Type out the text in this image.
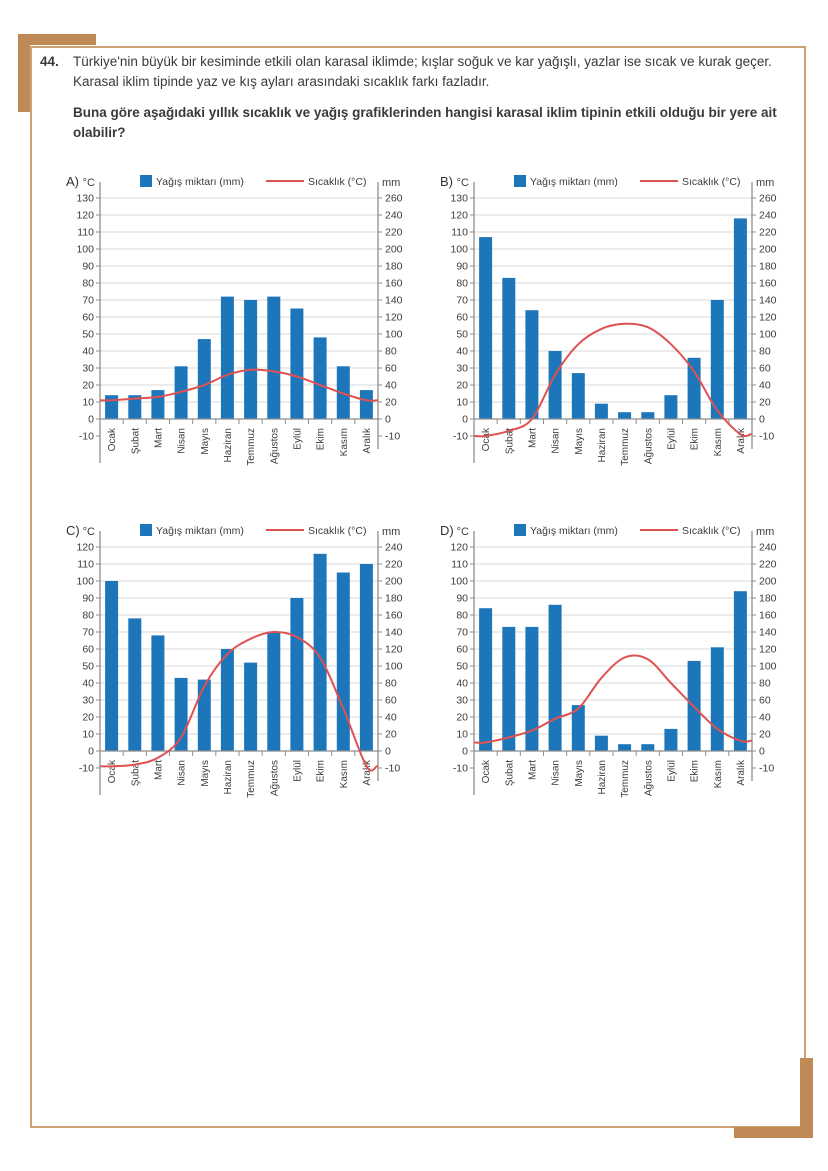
44.	Türkiye'nin büyük bir kesiminde etkili olan karasal iklimde; kışlar soğuk ve kar yağışlı, yazlar ise sıcak ve kurak geçer. Karasal iklim tipinde yaz ve kış ayları arasındaki sıcaklık farkı fazladır.

Buna göre aşağıdaki yıllık sıcaklık ve yağış grafiklerinden hangisi karasal iklim tipinin etkili olduğu bir yere ait olabilir?

A) °C	mm
Yağış miktarı (mm)	Sıcaklık (°C)
130	260
120	240
110	220
100	200
90	180
80	160
70	140
60	120
50	100
40	80
30	60
20	40
10	20
0	0
-10	-10
Ocak Şubat Mart Nisan Mayıs Haziran Temmuz Ağustos Eylül Ekim Kasım Aralık
B) °C	mm
Yağış miktarı (mm)	Sıcaklık (°C)
130	260
120	240
110	220
100	200
90	180
80	160
70	140
60	120
50	100
40	80
30	60
20	40
10	20
0	0
-10	-10
Ocak Şubat Mart Nisan Mayıs Haziran Temmuz Ağustos Eylül Ekim Kasım Aralık
C) °C	mm
Yağış miktarı (mm)	Sıcaklık (°C)
120	240
110	220
100	200
90	180
80	160
70	140
60	120
50	100
40	80
30	60
20	40
10	20
0	0
-10	-10
Ocak Şubat Mart Nisan Mayıs Haziran Temmuz Ağustos Eylül Ekim Kasım Aralık
D) °C	mm
Yağış miktarı (mm)	Sıcaklık (°C)
120	240
110	220
100	200
90	180
80	160
70	140
60	120
50	100
40	80
30	60
20	40
10	20
0	0
-10	-10
Ocak Şubat Mart Nisan Mayıs Haziran Temmuz Ağustos Eylül Ekim Kasım Aralık
